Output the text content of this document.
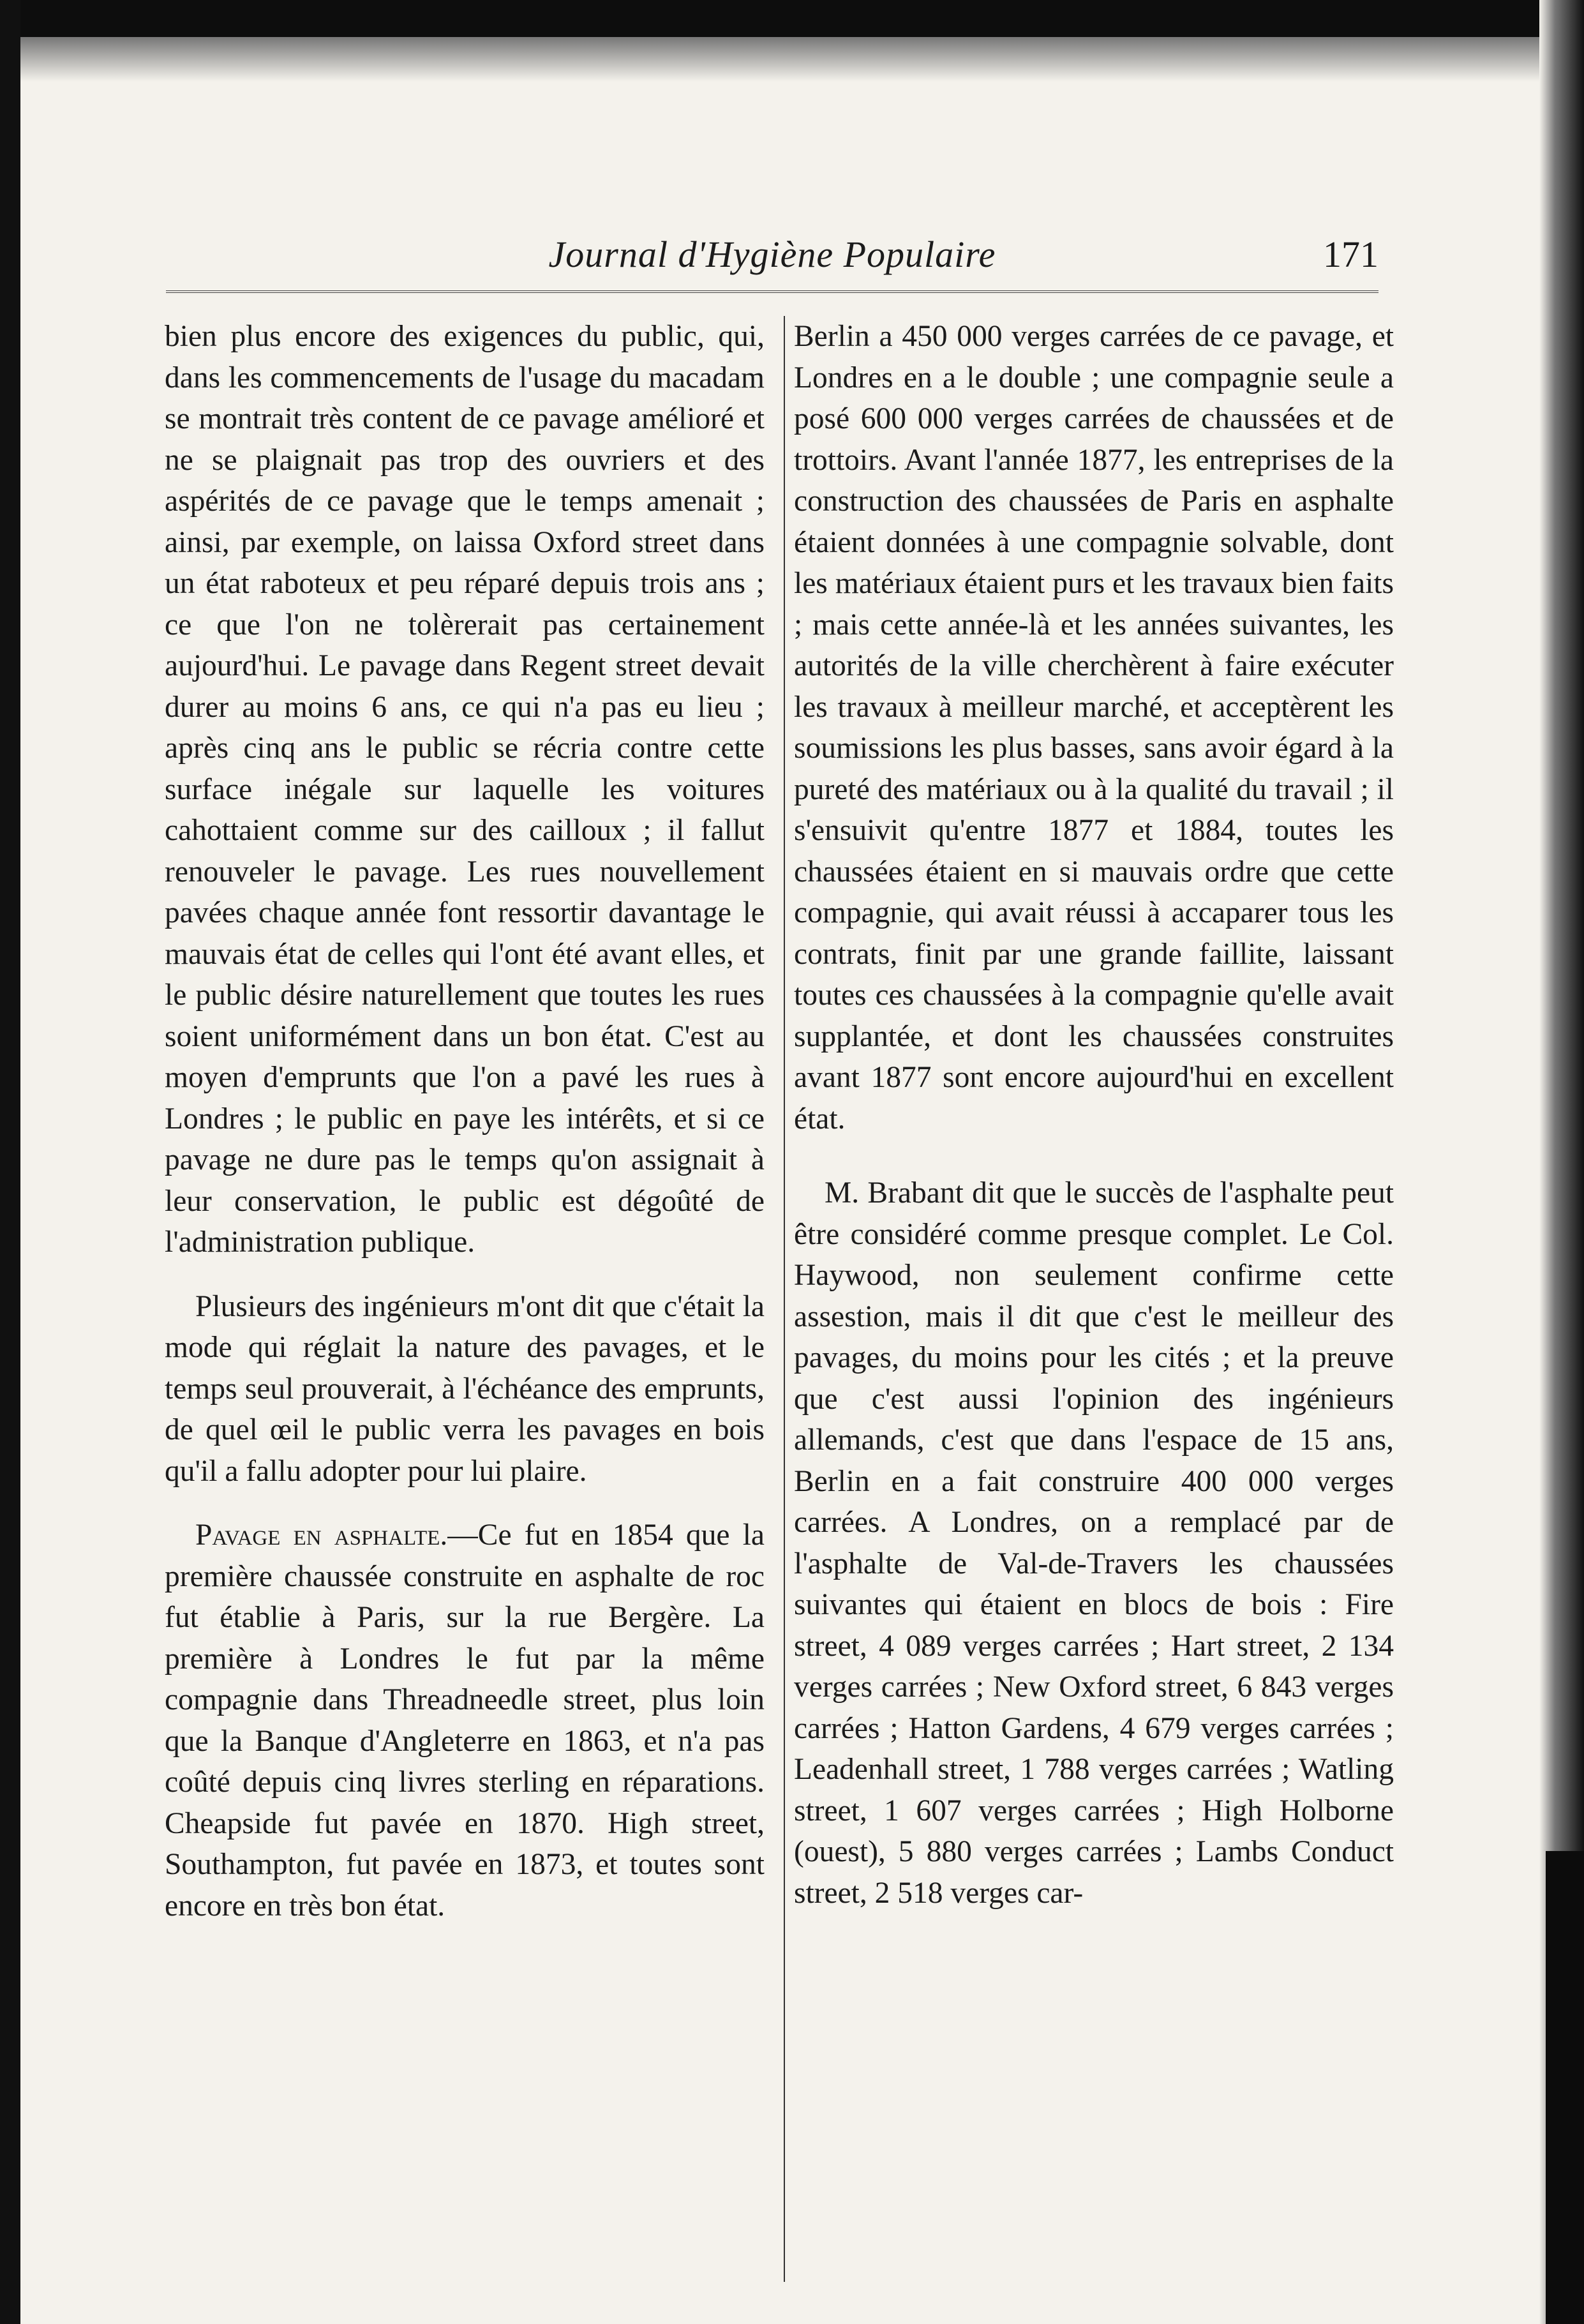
Journal d'Hygiène Populaire	171

bien plus encore des exigences du public, qui, dans les commencements de l'usage du macadam se montrait très content de ce pavage amélioré et ne se plaignait pas trop des ouvriers et des aspérités de ce pavage que le temps amenait ; ainsi, par exemple, on laissa Oxford street dans un état raboteux et peu réparé depuis trois ans ; ce que l'on ne tolèrerait pas certainement aujourd'hui. Le pavage dans Regent street devait durer au moins 6 ans, ce qui n'a pas eu lieu ; après cinq ans le public se récria contre cette surface inégale sur laquelle les voitures cahottaient comme sur des cailloux ; il fallut renouveler le pavage. Les rues nouvellement pavées chaque année font ressortir davantage le mauvais état de celles qui l'ont été avant elles, et le public désire naturellement que toutes les rues soient uniformément dans un bon état. C'est au moyen d'emprunts que l'on a pavé les rues à Londres ; le public en paye les intérêts, et si ce pavage ne dure pas le temps qu'on assignait à leur conservation, le public est dégoûté de l'administration publique.

Plusieurs des ingénieurs m'ont dit que c'était la mode qui réglait la nature des pavages, et le temps seul prouverait, à l'échéance des emprunts, de quel œil le public verra les pavages en bois qu'il a fallu adopter pour lui plaire.

Pavage en asphalte.—Ce fut en 1854 que la première chaussée construite en asphalte de roc fut établie à Paris, sur la rue Bergère. La première à Londres le fut par la même compagnie dans Threadneedle street, plus loin que la Banque d'Angleterre en 1863, et n'a pas coûté depuis cinq livres sterling en réparations. Cheapside fut pavée en 1870. High street, Southampton, fut pavée en 1873, et toutes sont encore en très bon état.

Berlin a 450 000 verges carrées de ce pavage, et Londres en a le double ; une compagnie seule a posé 600 000 verges carrées de chaussées et de trottoirs. Avant l'année 1877, les entreprises de la construction des chaussées de Paris en asphalte étaient données à une compagnie solvable, dont les matériaux étaient purs et les travaux bien faits ; mais cette année-là et les années suivantes, les autorités de la ville cherchèrent à faire exécuter les travaux à meilleur marché, et acceptèrent les soumissions les plus basses, sans avoir égard à la pureté des matériaux ou à la qualité du travail ; il s'ensuivit qu'entre 1877 et 1884, toutes les chaussées étaient en si mauvais ordre que cette compagnie, qui avait réussi à accaparer tous les contrats, finit par une grande faillite, laissant toutes ces chaussées à la compagnie qu'elle avait supplantée, et dont les chaussées construites avant 1877 sont encore aujourd'hui en excellent état.

M. Brabant dit que le succès de l'asphalte peut être considéré comme presque complet. Le Col. Haywood, non seulement confirme cette assestion, mais il dit que c'est le meilleur des pavages, du moins pour les cités ; et la preuve que c'est aussi l'opinion des ingénieurs allemands, c'est que dans l'espace de 15 ans, Berlin en a fait construire 400 000 verges carrées. A Londres, on a remplacé par de l'asphalte de Val-de-Travers les chaussées suivantes qui étaient en blocs de bois : Fire street, 4 089 verges carrées ; Hart street, 2 134 verges carrées ; New Oxford street, 6 843 verges carrées ; Hatton Gardens, 4 679 verges carrées ; Leadenhall street, 1 788 verges carrées ; Watling street, 1 607 verges carrées ; High Holborne (ouest), 5 880 verges carrées ; Lambs Conduct street, 2 518 verges car-
